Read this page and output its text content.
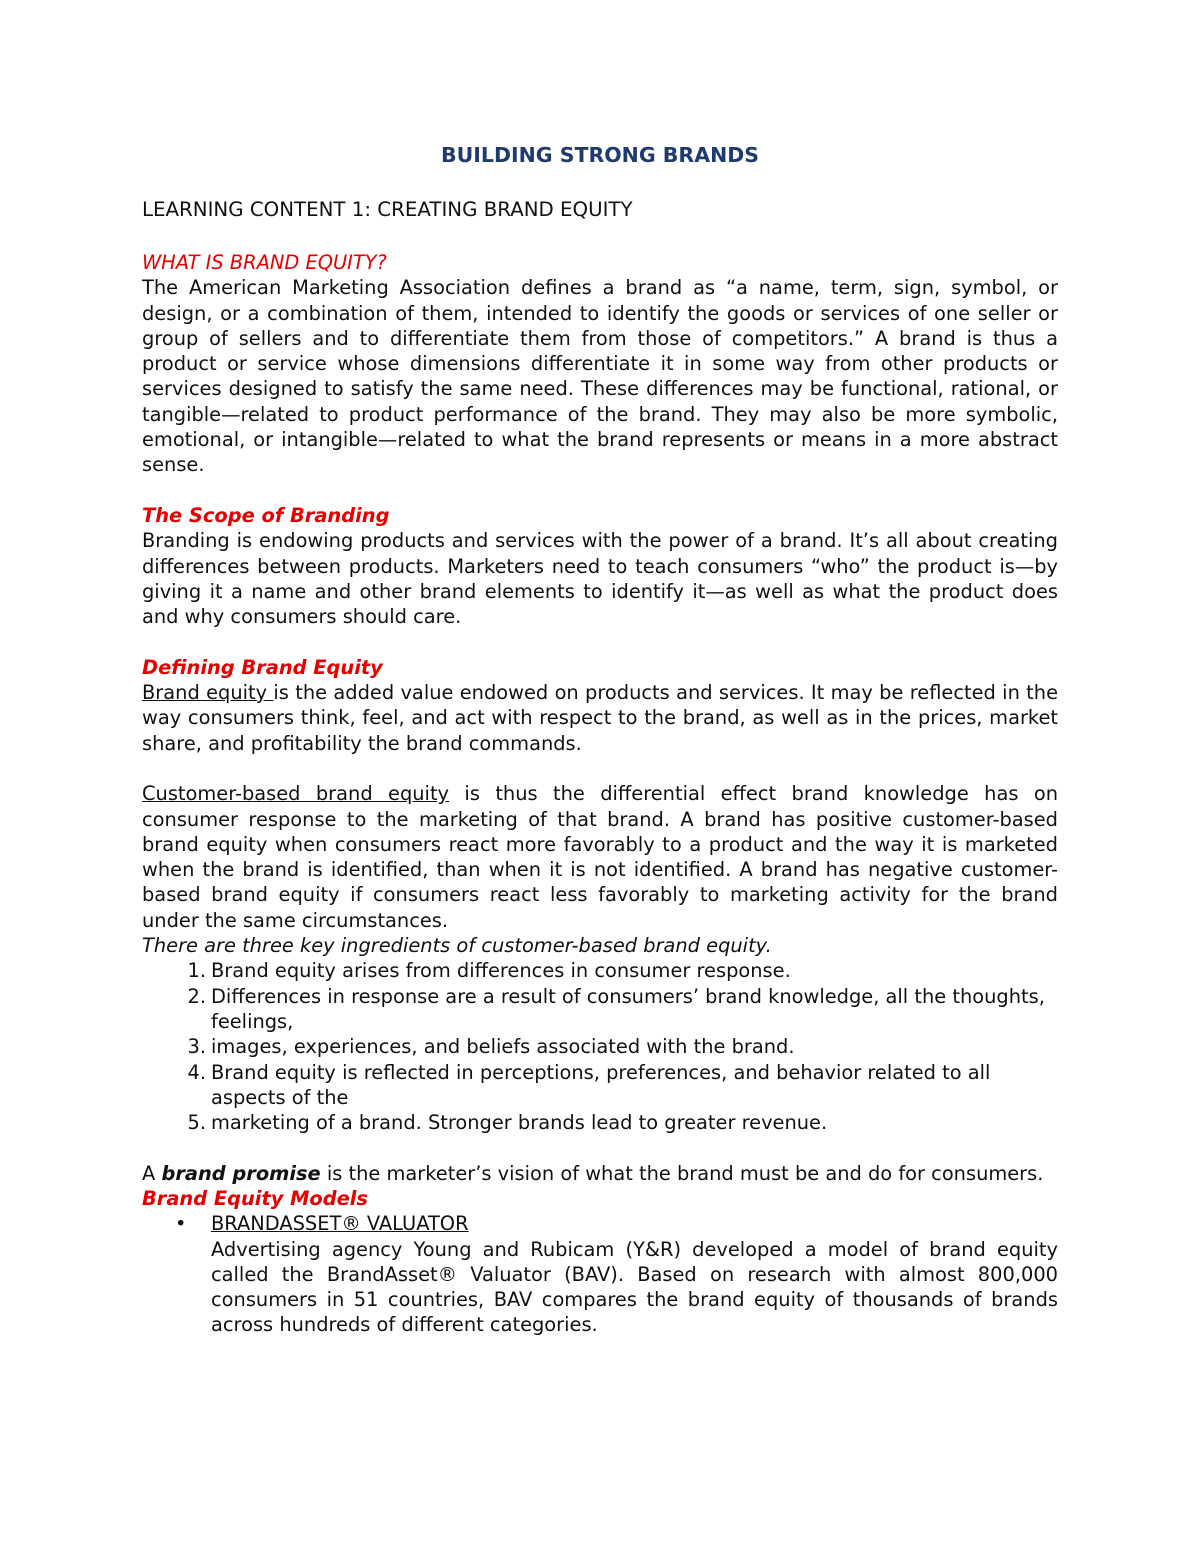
BUILDING STRONG BRANDS
LEARNING CONTENT 1: CREATING BRAND EQUITY
WHAT IS BRAND EQUITY?

The American Marketing Association defines a brand as “a name, term, sign, symbol, or design, or a combination of them, intended to identify the goods or services of one seller or group of sellers and to differentiate them from those of competitors.” A brand is thus a product or service whose dimensions differentiate it in some way from other products or services designed to satisfy the same need. These differences may be functional, rational, or tangible—related to product performance of the brand. They may also be more symbolic, emotional, or intangible—related to what the brand represents or means in a more abstract sense.

The Scope of Branding

Branding is endowing products and services with the power of a brand. It’s all about creating differences between products. Marketers need to teach consumers “who” the product is—by giving it a name and other brand elements to identify it—as well as what the product does and why consumers should care.

Defining Brand Equity

Brand equity is the added value endowed on products and services. It may be reflected in the way consumers think, feel, and act with respect to the brand, as well as in the prices, market share, and profitability the brand commands.

Customer-based brand equity is thus the differential effect brand knowledge has on consumer response to the marketing of that brand. A brand has positive customer-based brand equity when consumers react more favorably to a product and the way it is marketed when the brand is identified, than when it is not identified. A brand has negative customer-based brand equity if consumers react less favorably to marketing activity for the brand under the same circumstances.

There are three key ingredients of customer-based brand equity.

1. Brand equity arises from differences in consumer response.
2. Differences in response are a result of consumers’ brand knowledge, all the thoughts, feelings,
3. images, experiences, and beliefs associated with the brand.
4. Brand equity is reflected in perceptions, preferences, and behavior related to all aspects of the
5. marketing of a brand. Stronger brands lead to greater revenue.

A brand promise is the marketer’s vision of what the brand must be and do for consumers.

Brand Equity Models
• BRANDASSET® VALUATOR

Advertising agency Young and Rubicam (Y&R) developed a model of brand equity called the BrandAsset® Valuator (BAV). Based on research with almost 800,000 consumers in 51 countries, BAV compares the brand equity of thousands of brands across hundreds of different categories.
